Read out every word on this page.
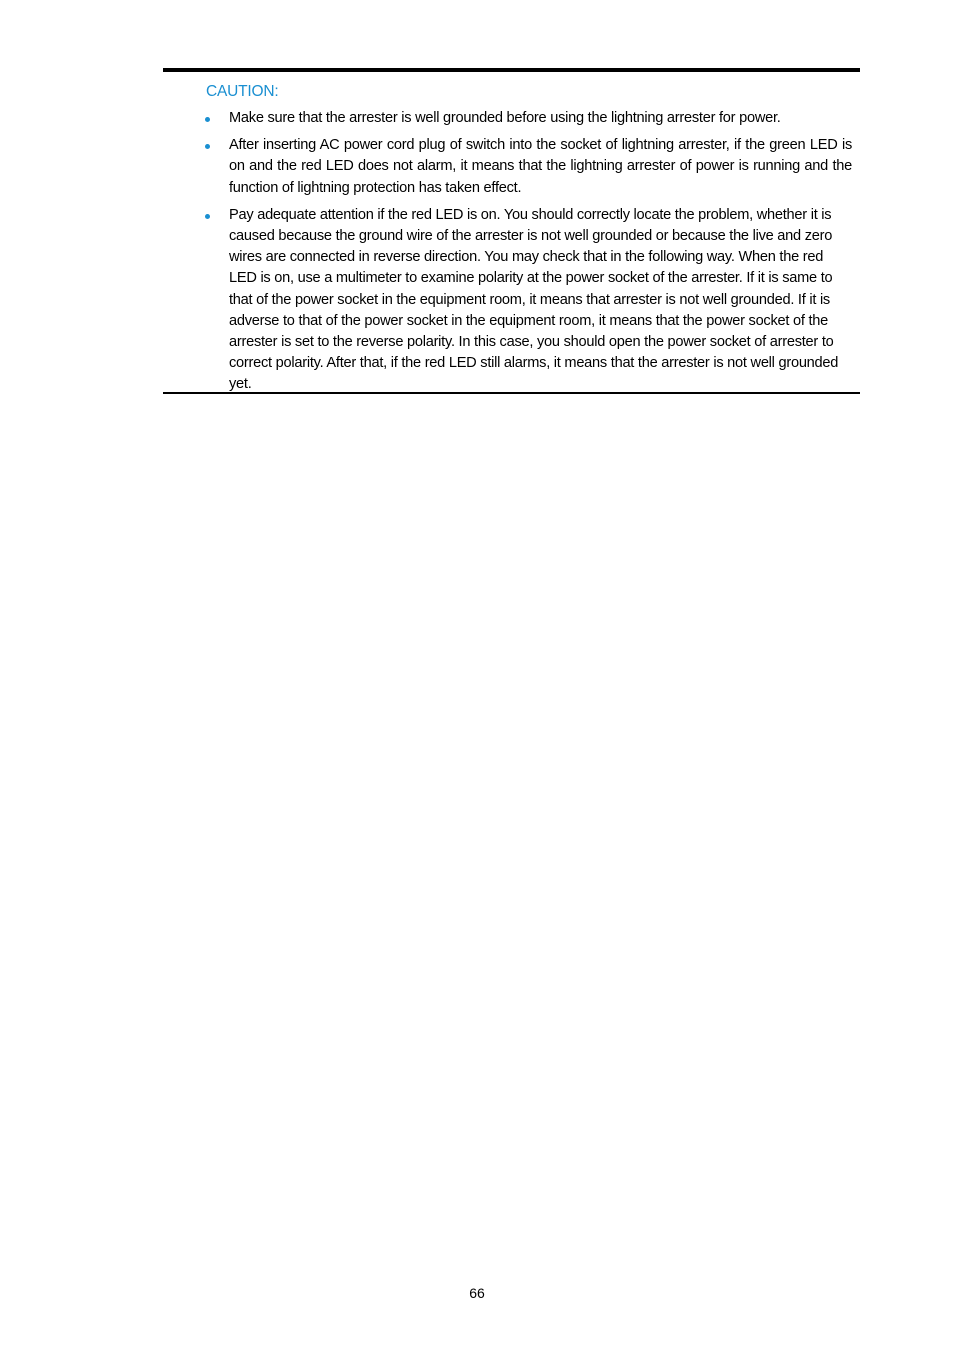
CAUTION:
Make sure that the arrester is well grounded before using the lightning arrester for power.
After inserting AC power cord plug of switch into the socket of lightning arrester, if the green LED is on and the red LED does not alarm, it means that the lightning arrester of power is running and the function of lightning protection has taken effect.
Pay adequate attention if the red LED is on. You should correctly locate the problem, whether it is caused because the ground wire of the arrester is not well grounded or because the live and zero wires are connected in reverse direction. You may check that in the following way. When the red LED is on, use a multimeter to examine polarity at the power socket of the arrester. If it is same to that of the power socket in the equipment room, it means that arrester is not well grounded. If it is adverse to that of the power socket in the equipment room, it means that the power socket of the arrester is set to the reverse polarity. In this case, you should open the power socket of arrester to correct polarity. After that, if the red LED still alarms, it means that the arrester is not well grounded yet.
66
